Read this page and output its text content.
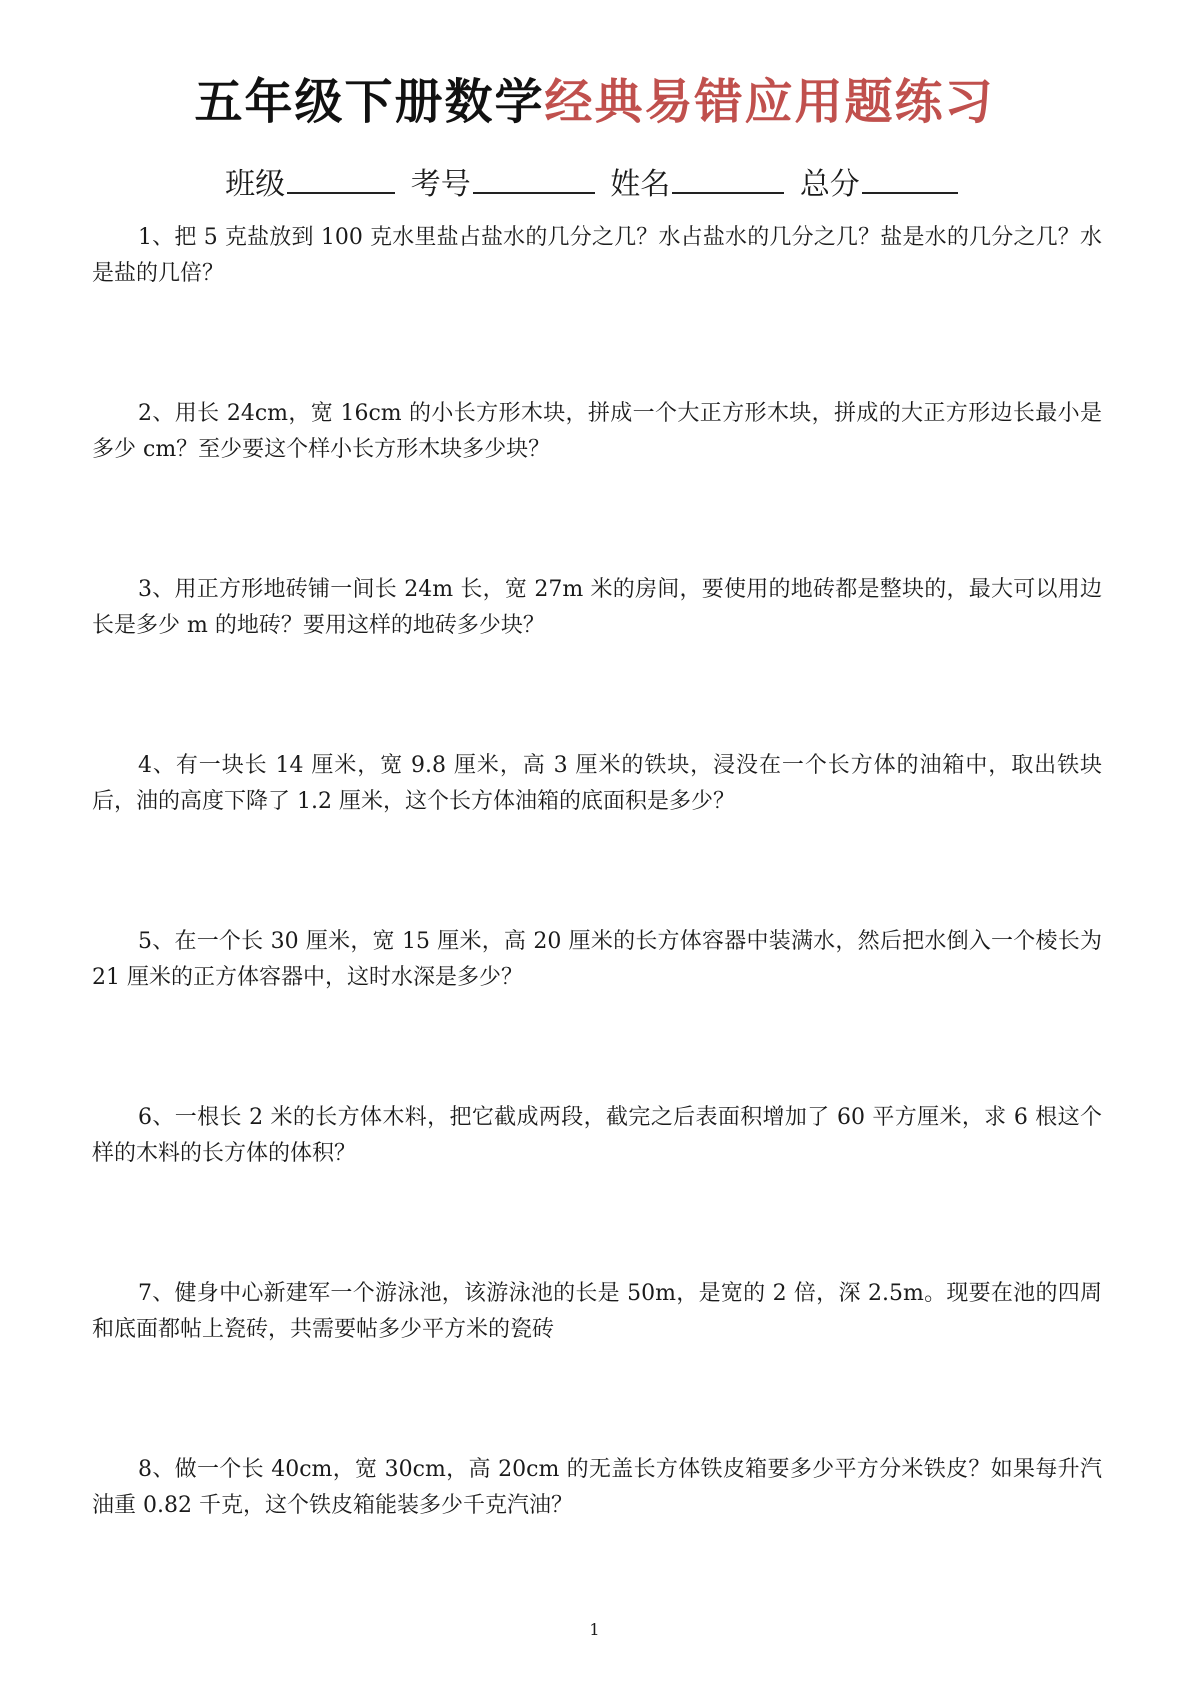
五年级下册数学经典易错应用题练习
班级	考号	姓名	总分

1、把 5 克盐放到 100 克水里盐占盐水的几分之几？水占盐水的几分之几？盐是水的几分之几？水是盐的几倍？

2、用长 24cm，宽 16cm 的小长方形木块，拼成一个大正方形木块，拼成的大正方形边长最小是多少 cm？至少要这个样小长方形木块多少块？

3、用正方形地砖铺一间长 24m 长，宽 27m 米的房间，要使用的地砖都是整块的，最大可以用边长是多少 m 的地砖？要用这样的地砖多少块？

4、有一块长 14 厘米，宽 9.8 厘米，高 3 厘米的铁块，浸没在一个长方体的油箱中，取出铁块后，油的高度下降了 1.2 厘米，这个长方体油箱的底面积是多少？

5、在一个长 30 厘米，宽 15 厘米，高 20 厘米的长方体容器中装满水，然后把水倒入一个棱长为 21 厘米的正方体容器中，这时水深是多少？

6、一根长 2 米的长方体木料，把它截成两段，截完之后表面积增加了 60 平方厘米，求 6 根这个样的木料的长方体的体积？

7、健身中心新建军一个游泳池，该游泳池的长是 50m，是宽的 2 倍，深 2.5m。现要在池的四周和底面都帖上瓷砖，共需要帖多少平方米的瓷砖

8、做一个长 40cm，宽 30cm，高 20cm 的无盖长方体铁皮箱要多少平方分米铁皮？如果每升汽油重 0.82 千克，这个铁皮箱能装多少千克汽油？

1
